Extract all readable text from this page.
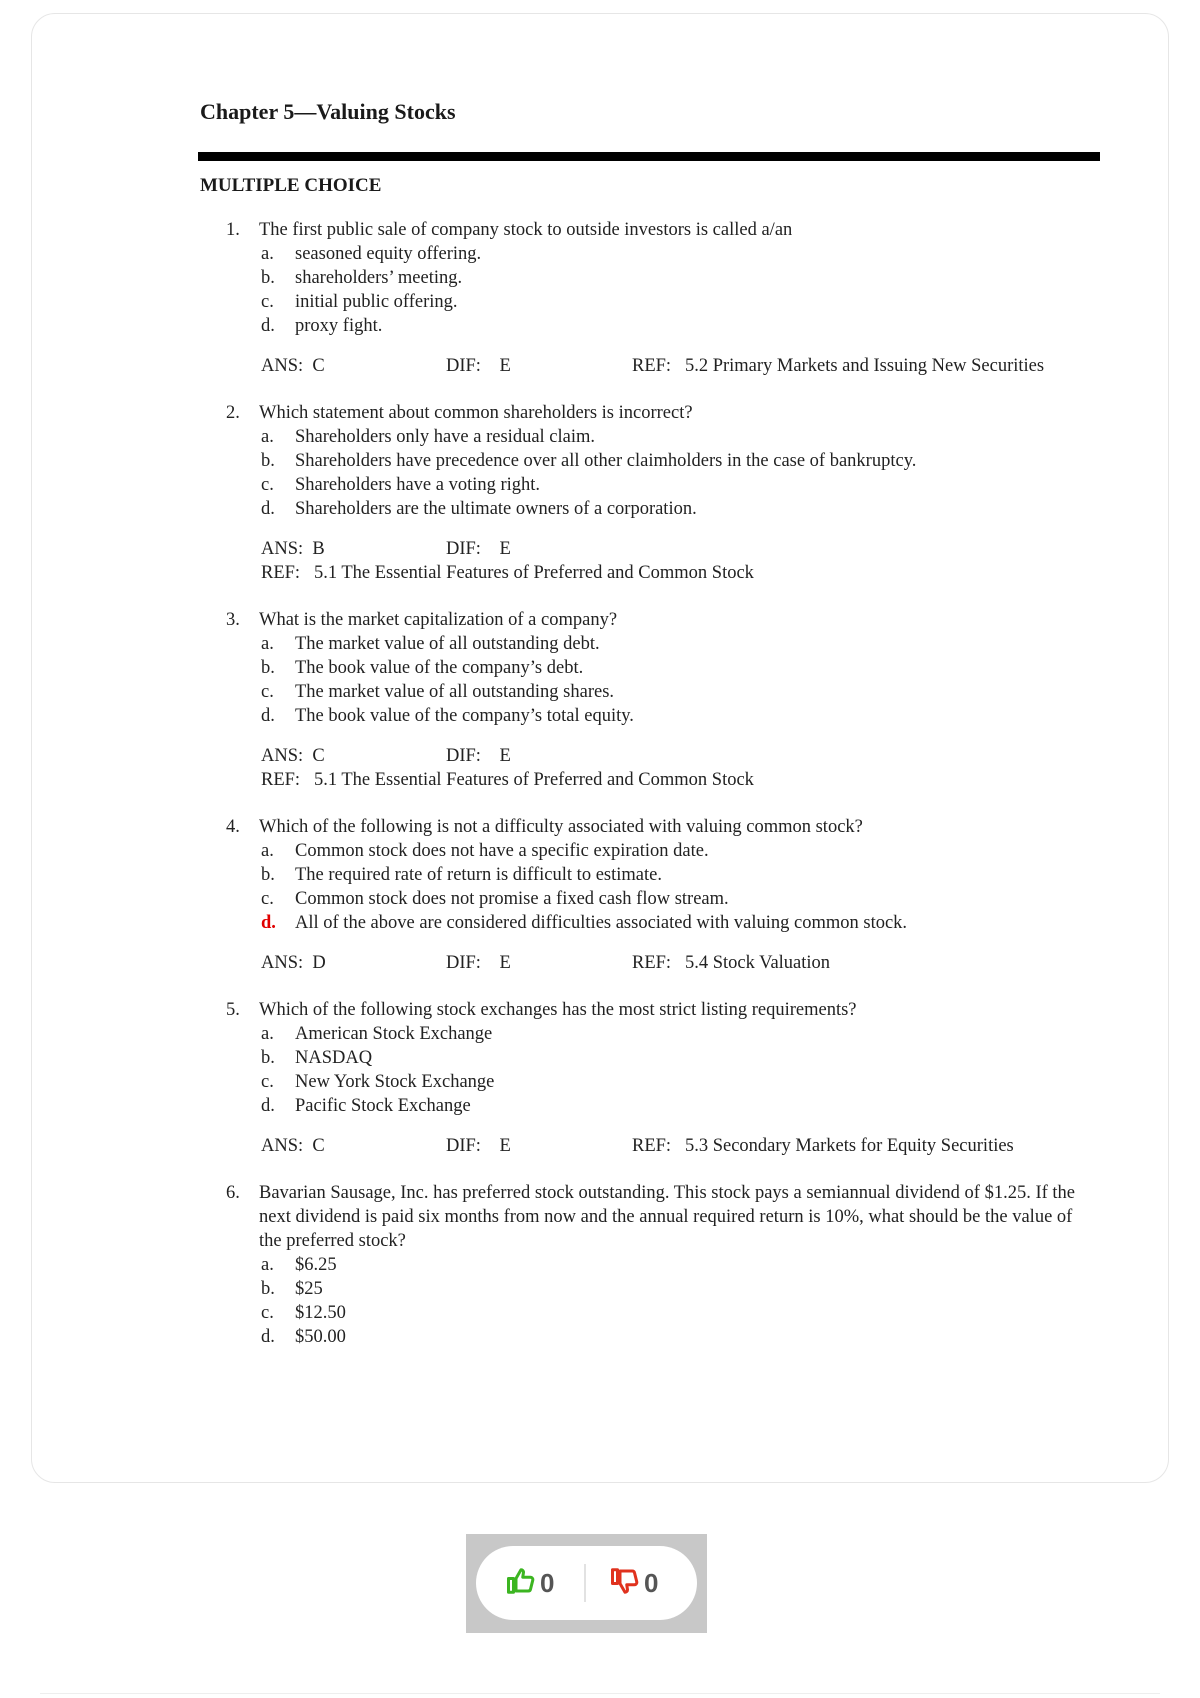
Chapter 5—Valuing Stocks
MULTIPLE CHOICE
1. The first public sale of company stock to outside investors is called a/an
a. seasoned equity offering.
b. shareholders’ meeting.
c. initial public offering.
d. proxy fight.
ANS: C	DIF: E	REF: 5.2 Primary Markets and Issuing New Securities
2. Which statement about common shareholders is incorrect?
a. Shareholders only have a residual claim.
b. Shareholders have precedence over all other claimholders in the case of bankruptcy.
c. Shareholders have a voting right.
d. Shareholders are the ultimate owners of a corporation.
ANS: B	DIF: E
REF: 5.1 The Essential Features of Preferred and Common Stock
3. What is the market capitalization of a company?
a. The market value of all outstanding debt.
b. The book value of the company’s debt.
c. The market value of all outstanding shares.
d. The book value of the company’s total equity.
ANS: C	DIF: E
REF: 5.1 The Essential Features of Preferred and Common Stock
4. Which of the following is not a difficulty associated with valuing common stock?
a. Common stock does not have a specific expiration date.
b. The required rate of return is difficult to estimate.
c. Common stock does not promise a fixed cash flow stream.
d. All of the above are considered difficulties associated with valuing common stock.
ANS: D	DIF: E	REF: 5.4 Stock Valuation
5. Which of the following stock exchanges has the most strict listing requirements?
a. American Stock Exchange
b. NASDAQ
c. New York Stock Exchange
d. Pacific Stock Exchange
ANS: C	DIF: E	REF: 5.3 Secondary Markets for Equity Securities
6. Bavarian Sausage, Inc. has preferred stock outstanding. This stock pays a semiannual dividend of $1.25. If the next dividend is paid six months from now and the annual required return is 10%, what should be the value of the preferred stock?
a. $6.25
b. $25
c. $12.50
d. $50.00
0	0
